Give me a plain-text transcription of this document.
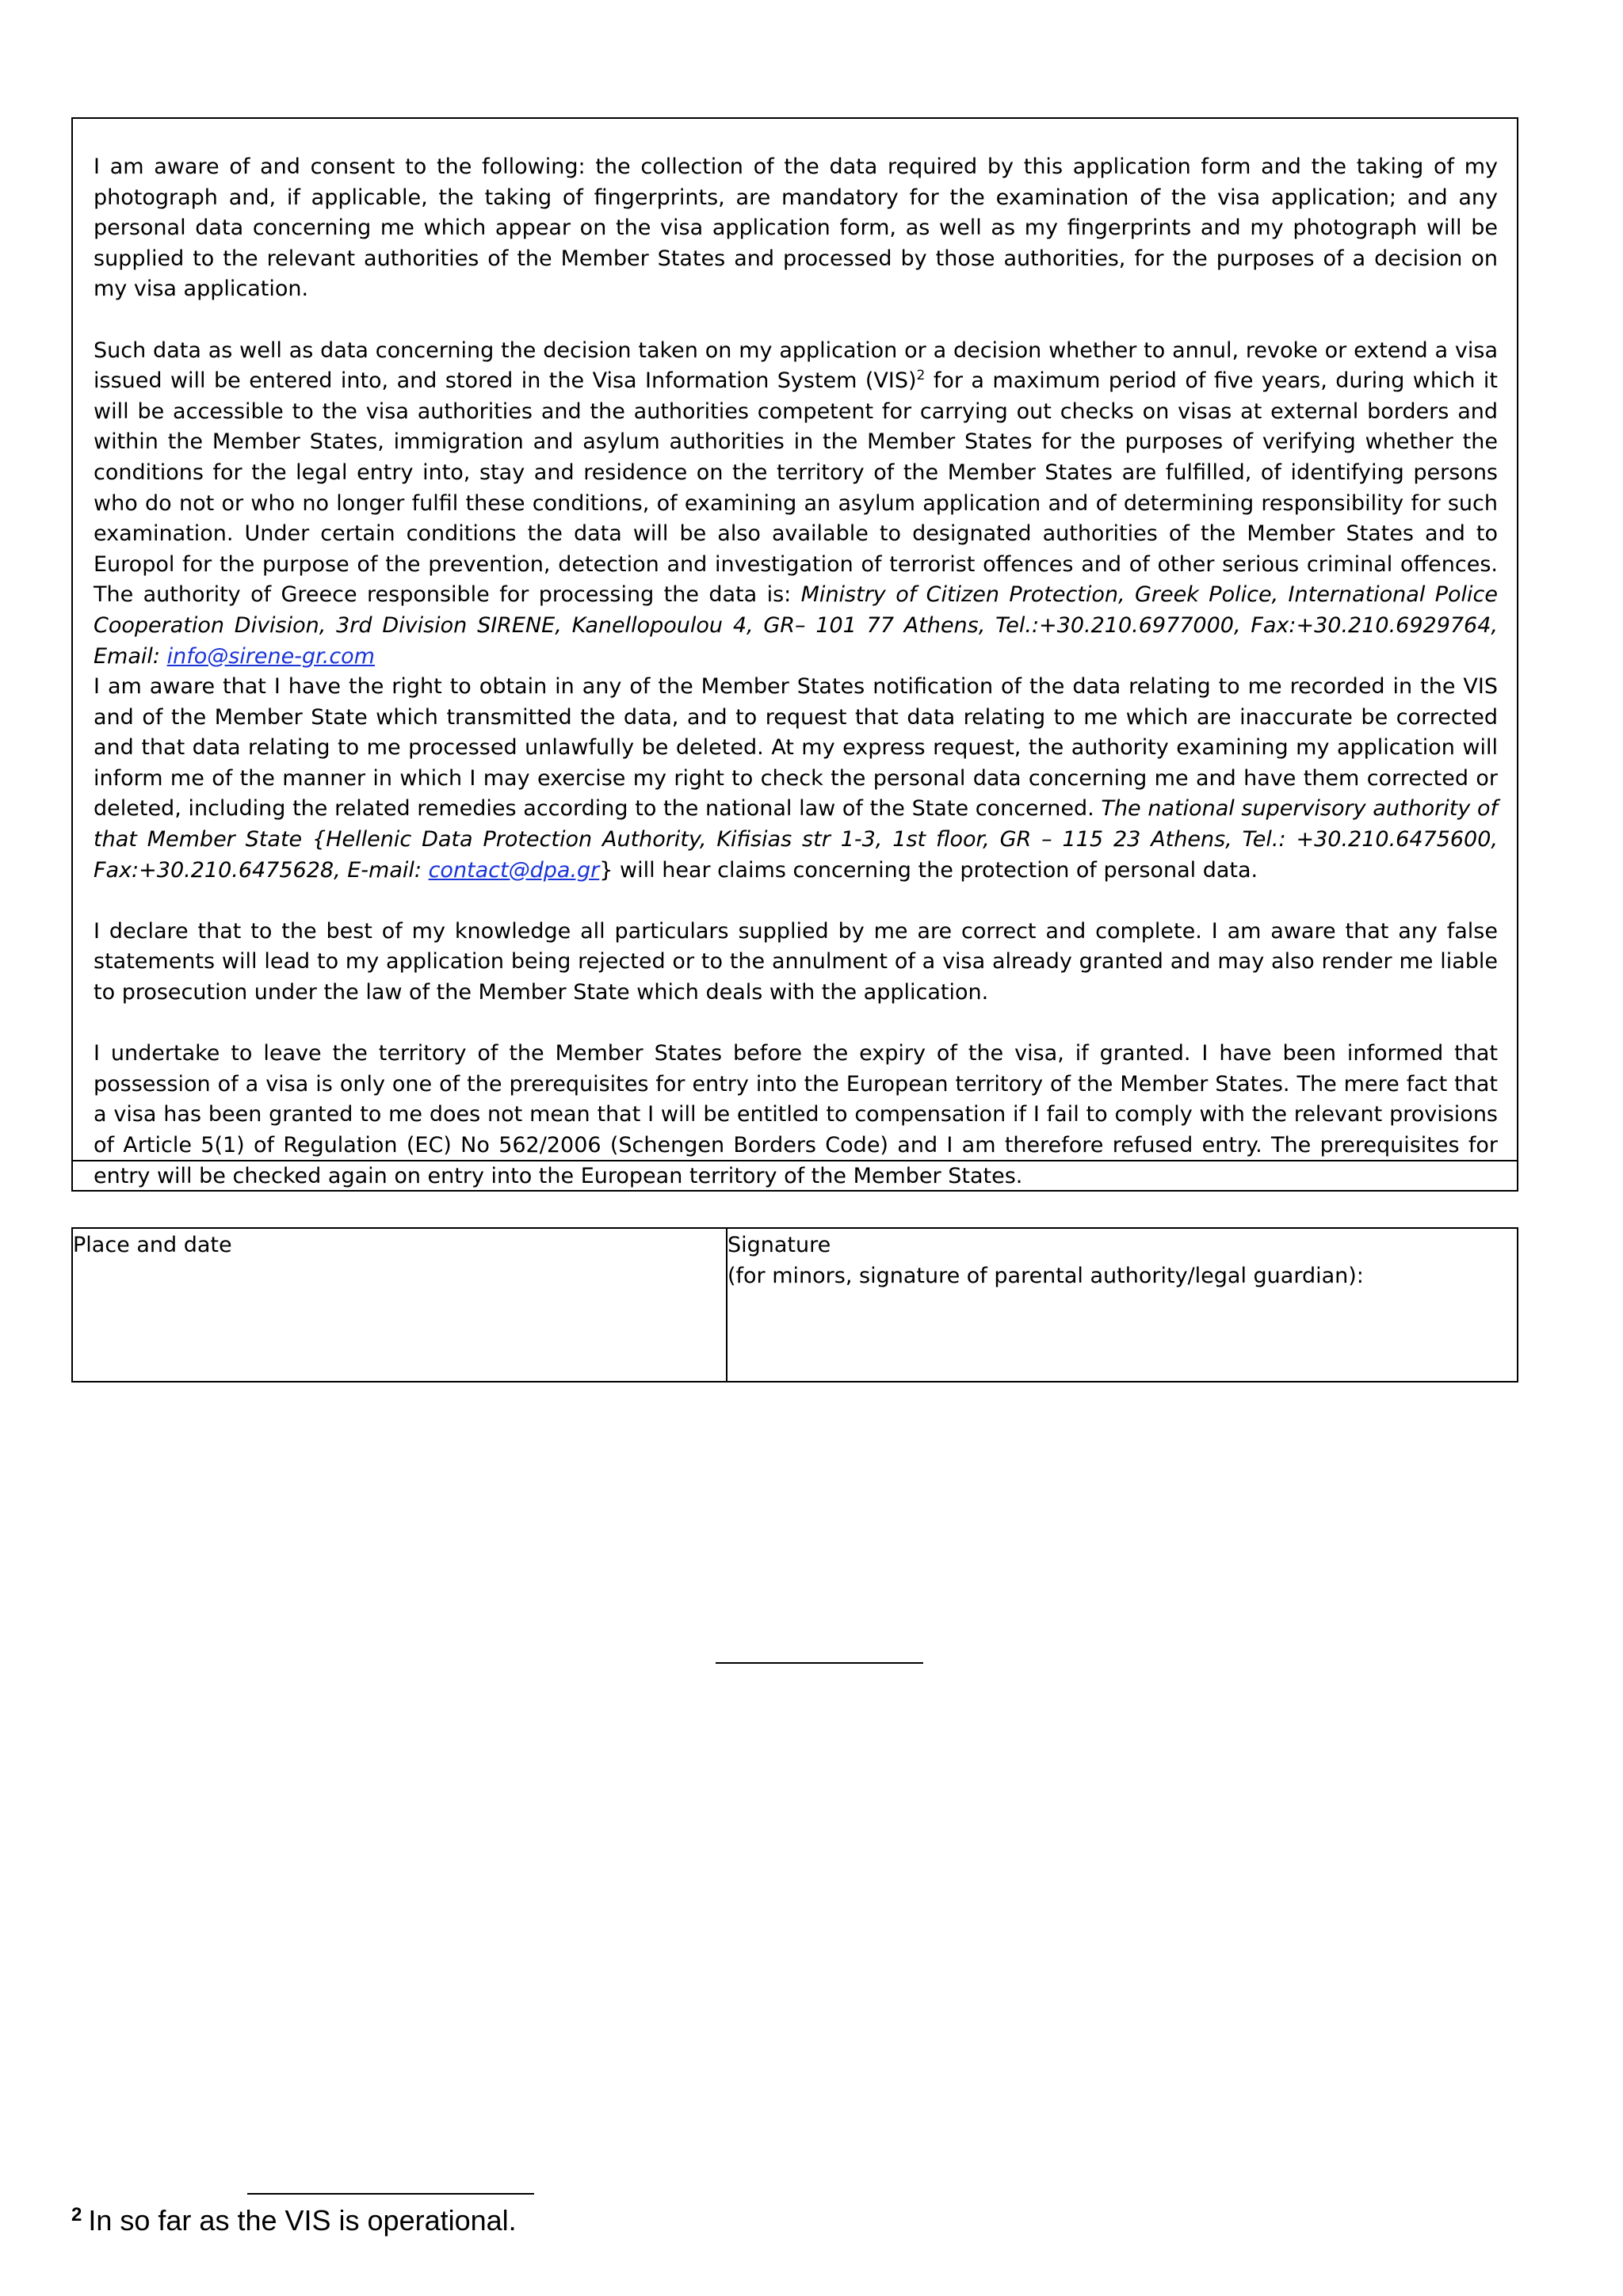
I am aware of and consent to the following: the collection of the data required by this application form and the taking of my photograph and, if applicable, the taking of fingerprints, are mandatory for the examination of the visa application; and any personal data concerning me which appear on the visa application form, as well as my fingerprints and my photograph will be supplied to the relevant authorities of the Member States and processed by those authorities, for the purposes of a decision on my visa application.

Such data as well as data concerning the decision taken on my application or a decision whether to annul, revoke or extend a visa issued will be entered into, and stored in the Visa Information System (VIS)$^2$ for a maximum period of five years, during which it will be accessible to the visa authorities and the authorities competent for carrying out checks on visas at external borders and within the Member States, immigration and asylum authorities in the Member States for the purposes of verifying whether the conditions for the legal entry into, stay and residence on the territory of the Member States are fulfilled, of identifying persons who do not or who no longer fulfil these conditions, of examining an asylum application and of determining responsibility for such examination. Under certain conditions the data will be also available to designated authorities of the Member States and to Europol for the purpose of the prevention, detection and investigation of terrorist offences and of other serious criminal offences. The authority of Greece responsible for processing the data is: Ministry of Citizen Protection, Greek Police, International Police Cooperation Division, 3rd Division SIRENE, Kanellopoulou 4, GR– 101 77 Athens, Tel.:+30.210.6977000, Fax:+30.210.6929764, Email: info@sirene-gr.com

I am aware that I have the right to obtain in any of the Member States notification of the data relating to me recorded in the VIS and of the Member State which transmitted the data, and to request that data relating to me which are inaccurate be corrected and that data relating to me processed unlawfully be deleted. At my express request, the authority examining my application will inform me of the manner in which I may exercise my right to check the personal data concerning me and have them corrected or deleted, including the related remedies according to the national law of the State concerned. The national supervisory authority of that Member State {Hellenic Data Protection Authority, Kifisias str 1-3, 1st floor, GR – 115 23 Athens, Tel.: +30.210.6475600, Fax:+30.210.6475628, E-mail: contact@dpa.gr} will hear claims concerning the protection of personal data.

I declare that to the best of my knowledge all particulars supplied by me are correct and complete. I am aware that any false statements will lead to my application being rejected or to the annulment of a visa already granted and may also render me liable to prosecution under the law of the Member State which deals with the application.

I undertake to leave the territory of the Member States before the expiry of the visa, if granted. I have been informed that possession of a visa is only one of the prerequisites for entry into the European territory of the Member States. The mere fact that a visa has been granted to me does not mean that I will be entitled to compensation if I fail to comply with the relevant provisions of Article 5(1) of Regulation (EC) No 562/2006 (Schengen Borders Code) and I am therefore refused entry. The prerequisites for entry will be checked again on entry into the European territory of the Member States.

Place and date	Signature
(for minors, signature of parental authority/legal guardian):
$^2$ In so far as the VIS is operational.
